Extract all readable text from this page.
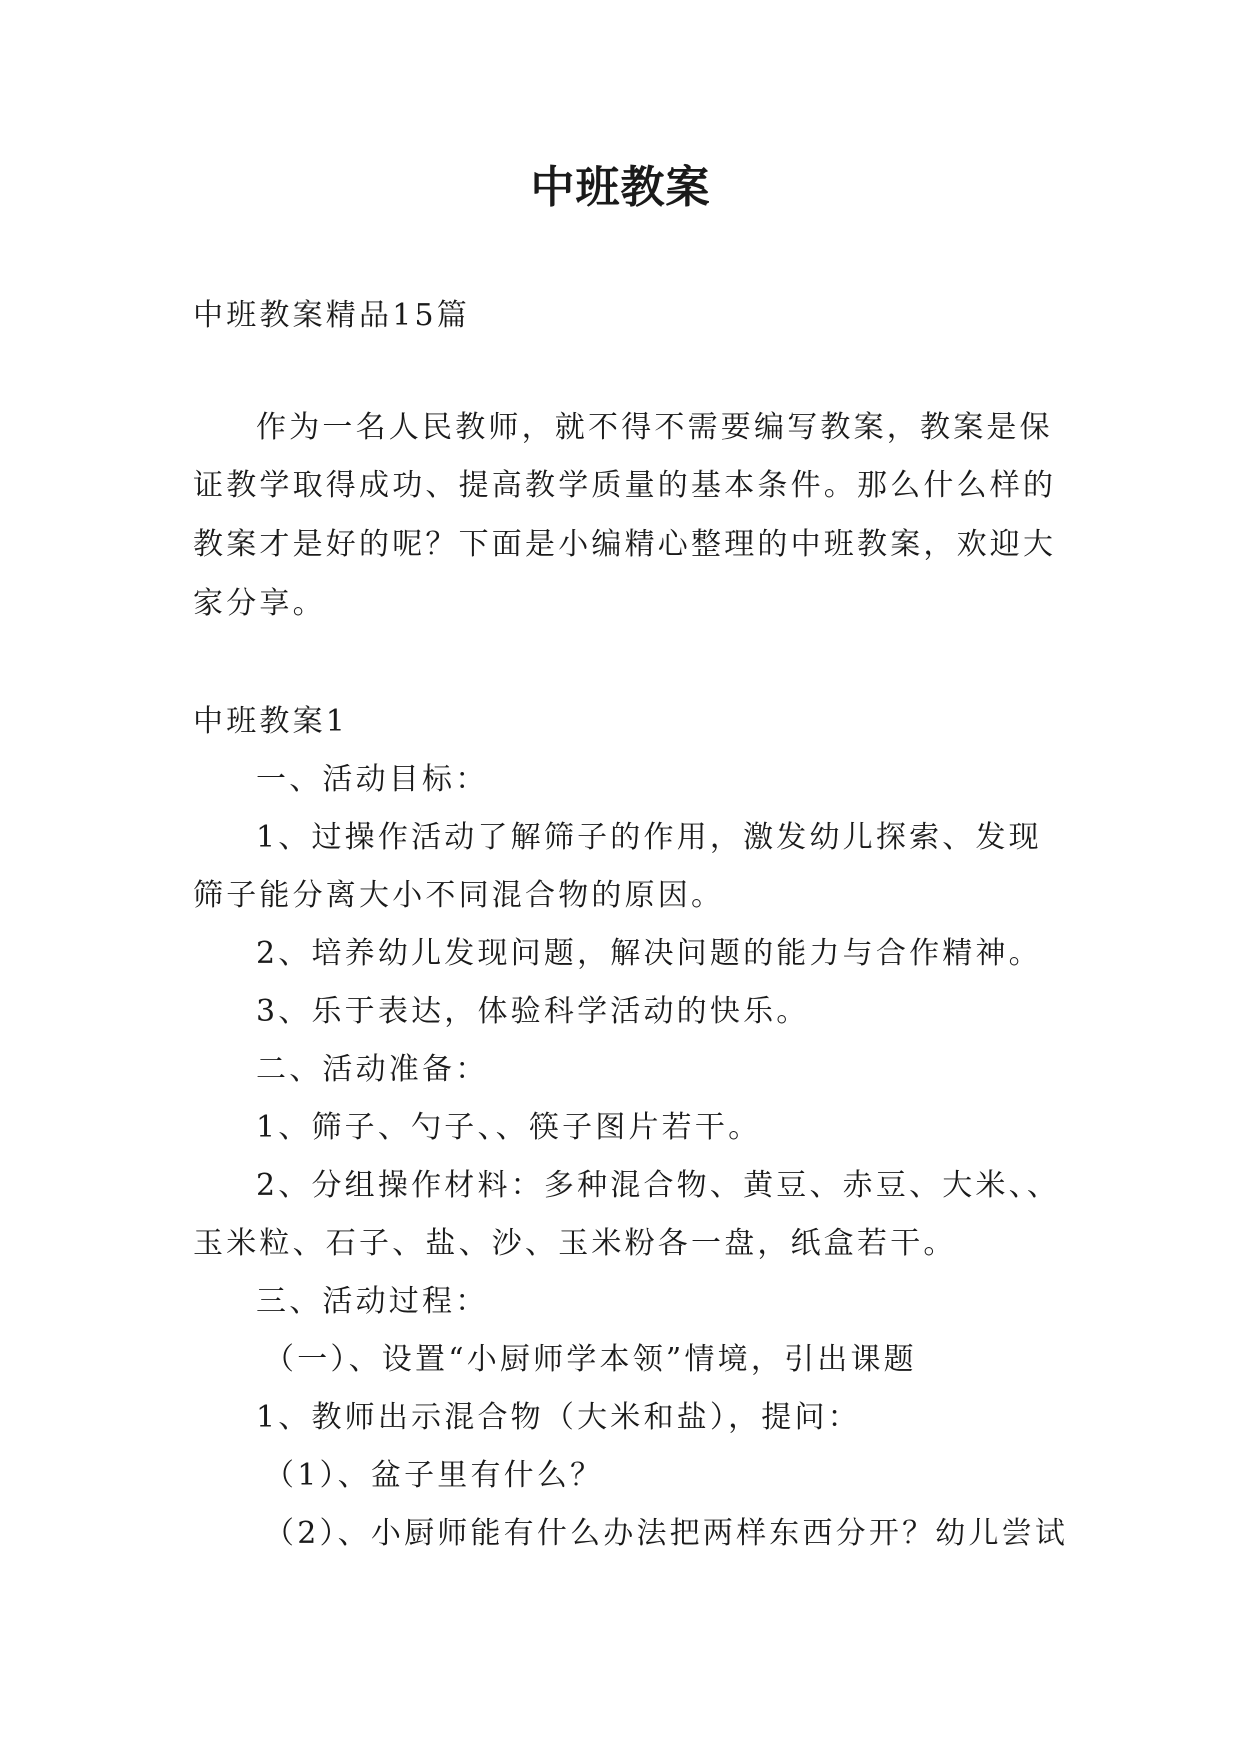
中班教案
中班教案精品15篇
作为一名人民教师，就不得不需要编写教案，教案是保
证教学取得成功、提高教学质量的基本条件。那么什么样的
教案才是好的呢？下面是小编精心整理的中班教案，欢迎大
家分享。
中班教案1
一、活动目标：
1、过操作活动了解筛子的作用，激发幼儿探索、发现
筛子能分离大小不同混合物的原因。
2、培养幼儿发现问题，解决问题的能力与合作精神。
3、乐于表达，体验科学活动的快乐。
二、活动准备：
1、筛子、勺子、、筷子图片若干。
2、分组操作材料：多种混合物、黄豆、赤豆、大米、、
玉米粒、石子、盐、沙、玉米粉各一盘，纸盒若干。
三、活动过程：
（一）、设置“小厨师学本领”情境，引出课题
1、教师出示混合物（大米和盐），提问：
（1）、盆子里有什么？
（2）、小厨师能有什么办法把两样东西分开？幼儿尝试
